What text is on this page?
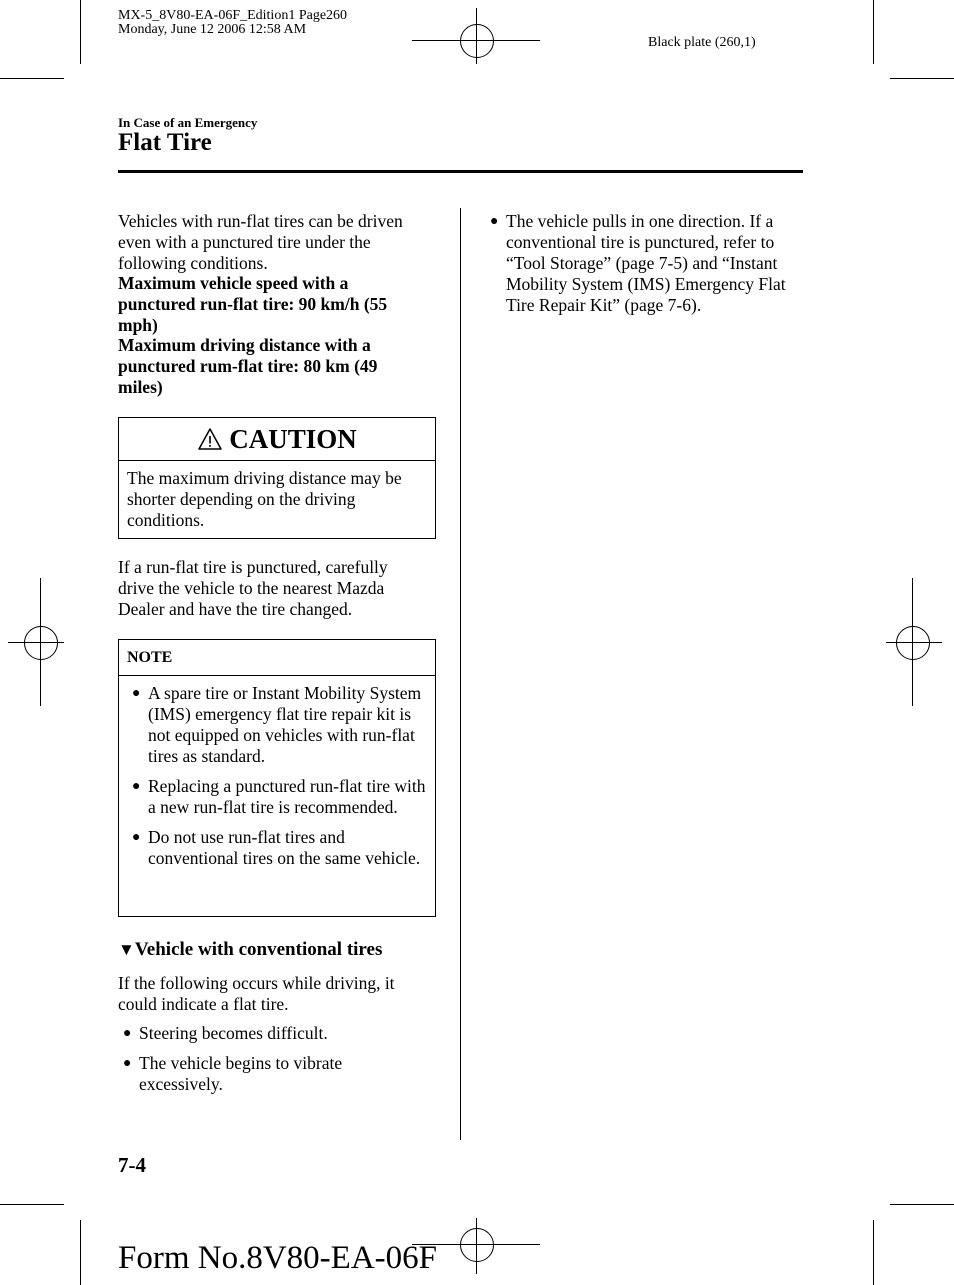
MX-5_8V80-EA-06F_Edition1 Page260
Monday, June 12 2006 12:58 AM
Black plate (260,1)
In Case of an Emergency
Flat Tire
Vehicles with run-flat tires can be driven even with a punctured tire under the following conditions.
Maximum vehicle speed with a punctured run-flat tire: 90 km/h (55 mph)
Maximum driving distance with a punctured rum-flat tire: 80 km (49 miles)
CAUTION
The maximum driving distance may be shorter depending on the driving conditions.
If a run-flat tire is punctured, carefully drive the vehicle to the nearest Mazda Dealer and have the tire changed.
NOTE
● A spare tire or Instant Mobility System (IMS) emergency flat tire repair kit is not equipped on vehicles with run-flat tires as standard.
● Replacing a punctured run-flat tire with a new run-flat tire is recommended.
● Do not use run-flat tires and conventional tires on the same vehicle.
▼Vehicle with conventional tires
If the following occurs while driving, it could indicate a flat tire.
● Steering becomes difficult.
● The vehicle begins to vibrate excessively.
● The vehicle pulls in one direction. If a conventional tire is punctured, refer to “Tool Storage” (page 7-5) and “Instant Mobility System (IMS) Emergency Flat Tire Repair Kit” (page 7-6).
7-4
Form No.8V80-EA-06F
